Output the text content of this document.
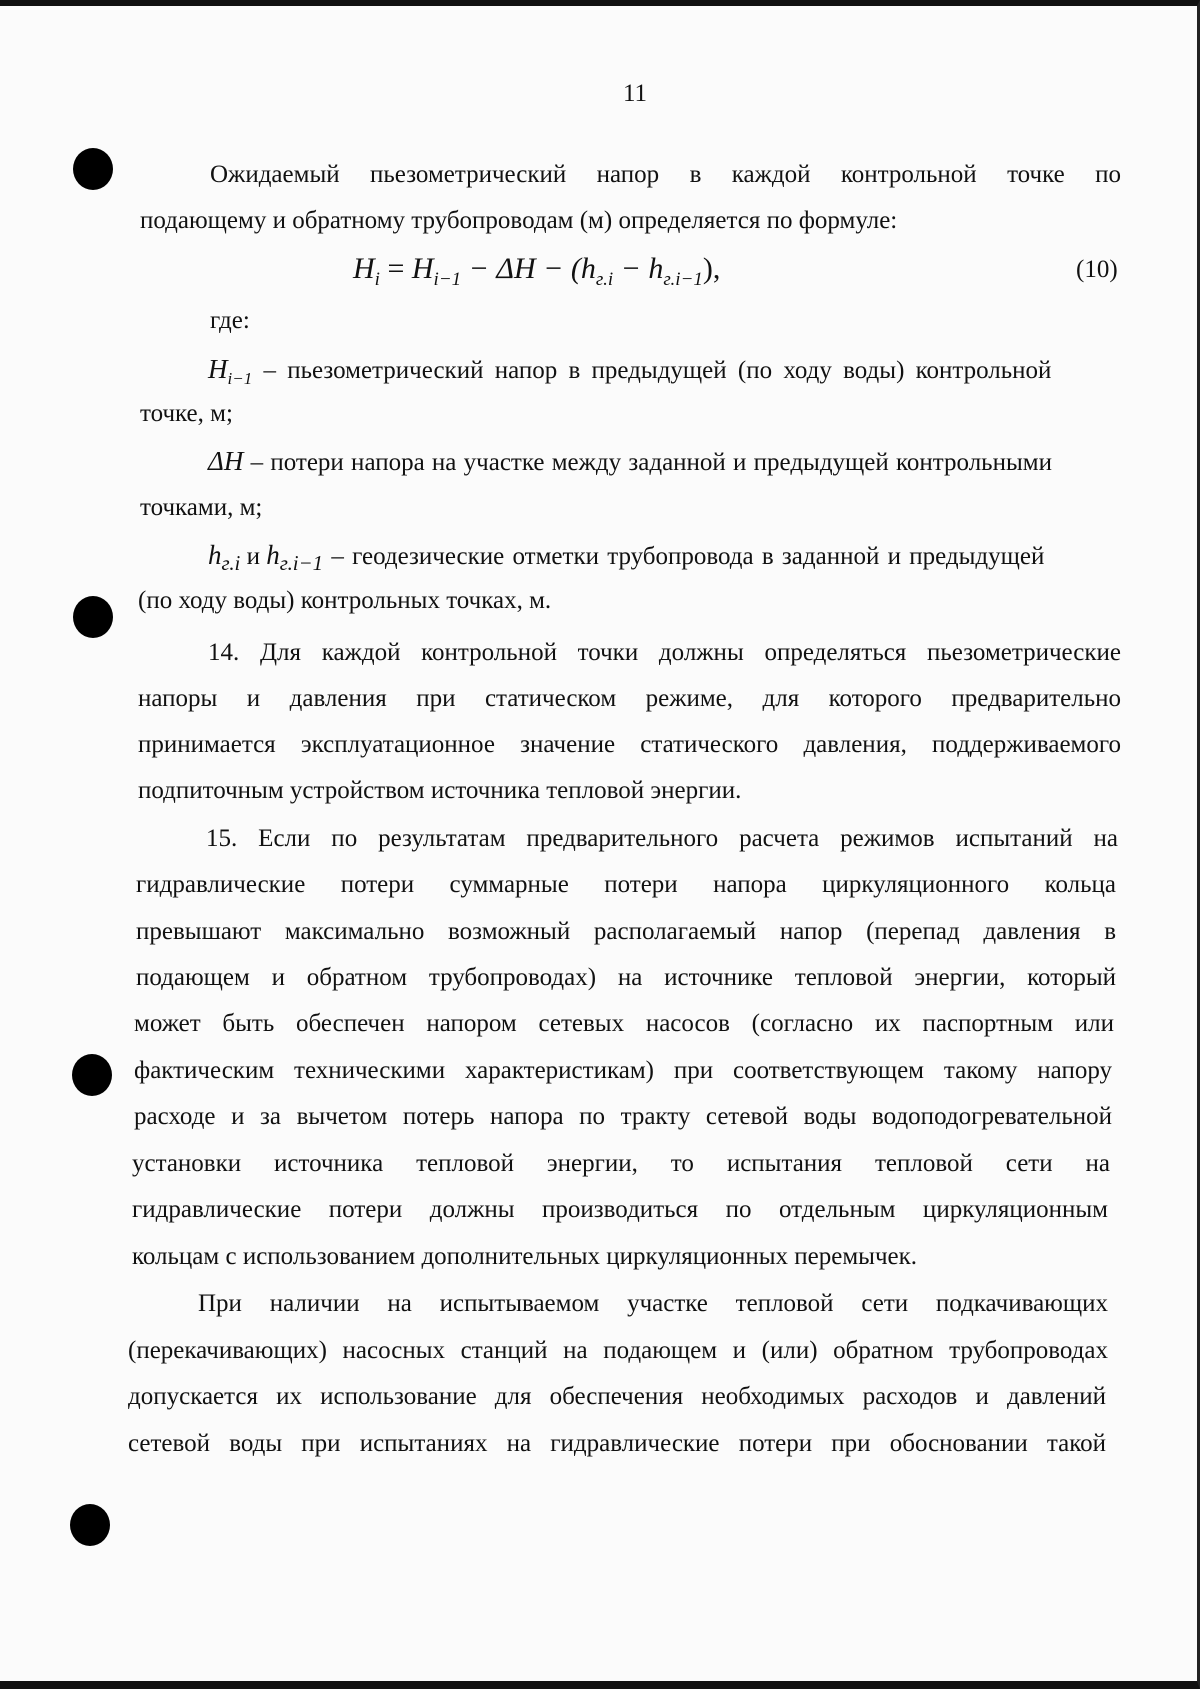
11
Ожидаемый пьезометрический напор в каждой контрольной точке по
подающему и обратному трубопроводам (м) определяется по формуле:
$H_i = H_{i-1} - \Delta H - (h_{г.i} - h_{г.i-1})$,	(10)
где:
$H_{i-1}$ – пьезометрический напор в предыдущей (по ходу воды) контрольной
точке, м;
ΔH – потери напора на участке между заданной и предыдущей контрольными
точками, м;
$h_{г.i}$ и $h_{г.i-1}$ – геодезические отметки трубопровода в заданной и предыдущей
(по ходу воды) контрольных точках, м.
14. Для каждой контрольной точки должны определяться пьезометрические
напоры и давления при статическом режиме, для которого предварительно
принимается эксплуатационное значение статического давления, поддерживаемого
подпиточным устройством источника тепловой энергии.
15. Если по результатам предварительного расчета режимов испытаний на
гидравлические потери суммарные потери напора циркуляционного кольца
превышают максимально возможный располагаемый напор (перепад давления в
подающем и обратном трубопроводах) на источнике тепловой энергии, который
может быть обеспечен напором сетевых насосов (согласно их паспортным или
фактическим техническими характеристикам) при соответствующем такому напору
расходе и за вычетом потерь напора по тракту сетевой воды водоподогревательной
установки источника тепловой энергии, то испытания тепловой сети на
гидравлические потери должны производиться по отдельным циркуляционным
кольцам с использованием дополнительных циркуляционных перемычек.
При наличии на испытываемом участке тепловой сети подкачивающих
(перекачивающих) насосных станций на подающем и (или) обратном трубопроводах
допускается их использование для обеспечения необходимых расходов и давлений
сетевой воды при испытаниях на гидравлические потери при обосновании такой
